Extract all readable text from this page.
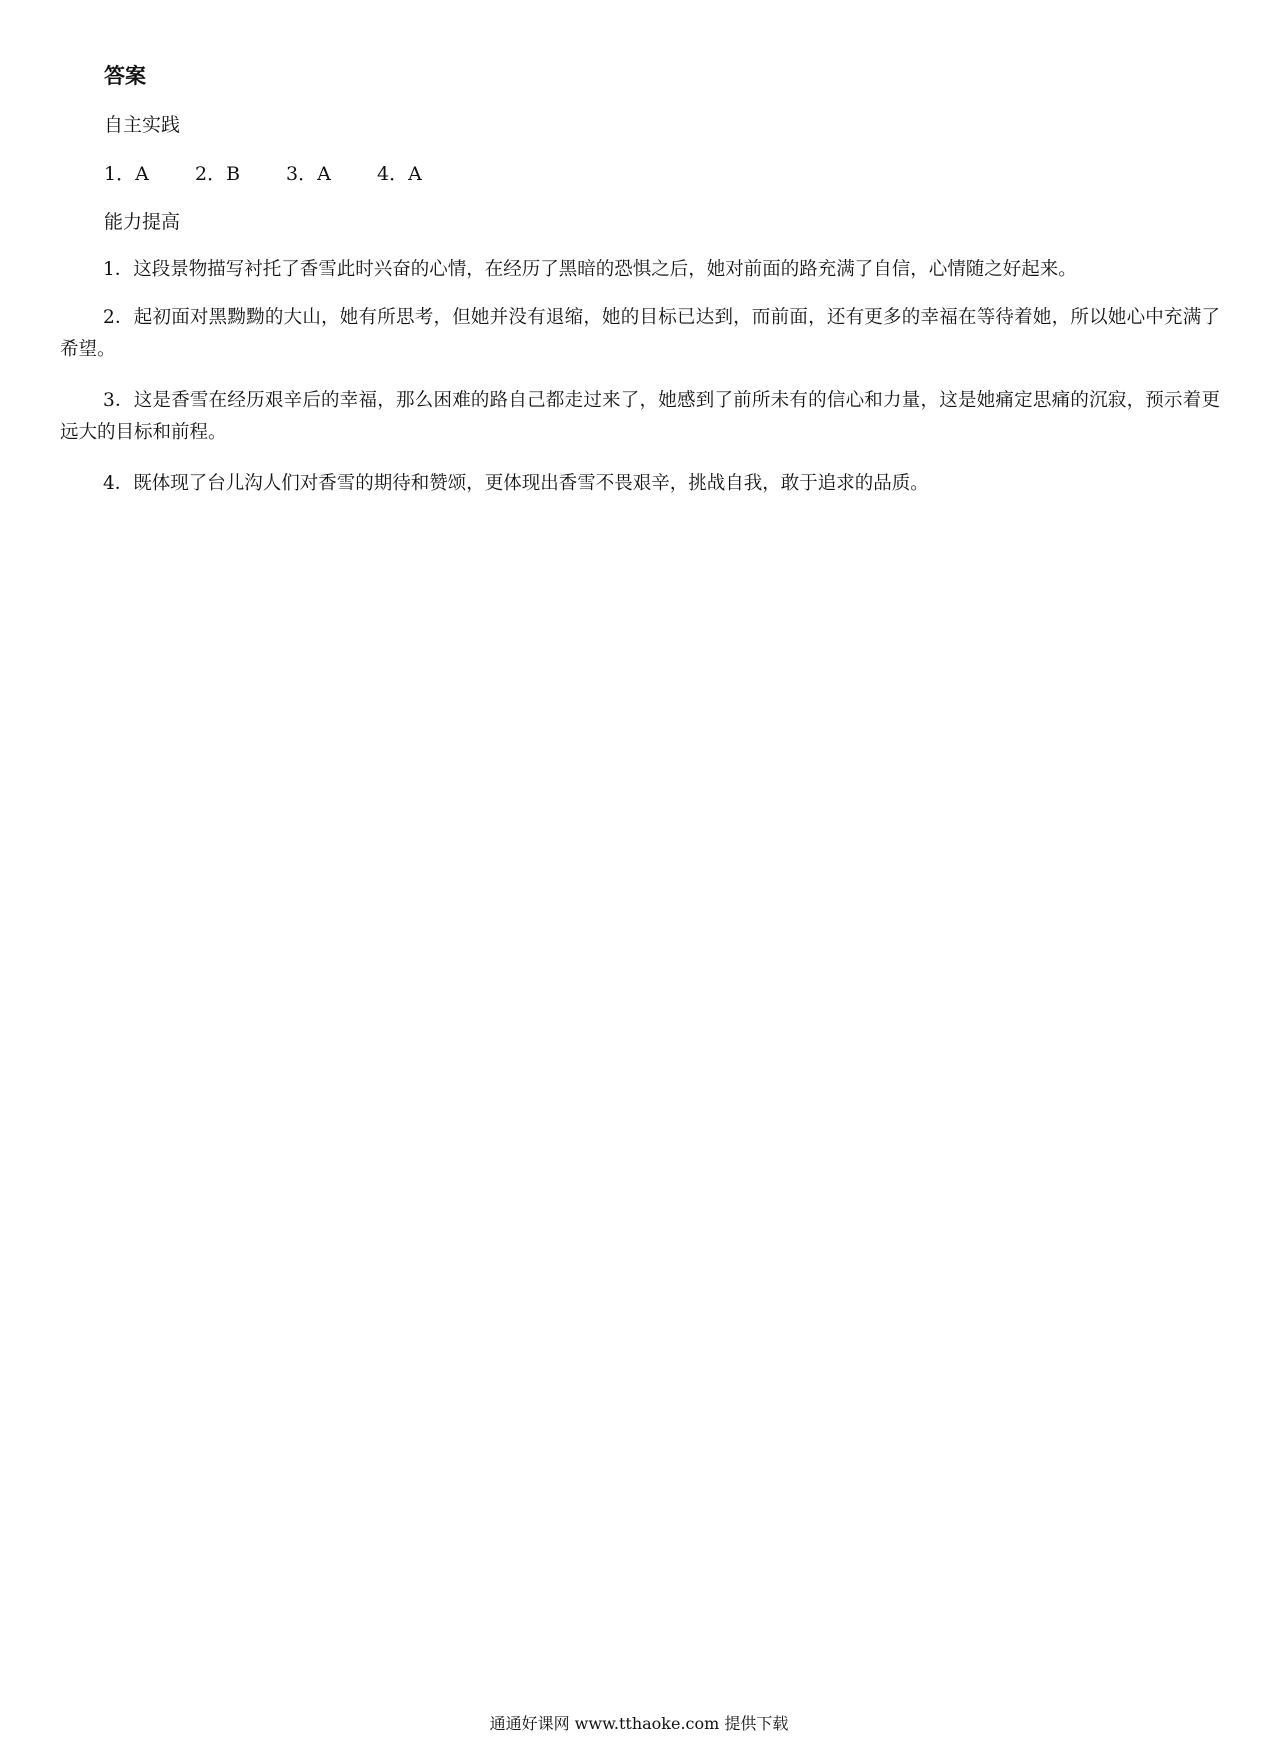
答案
自主实践
1．A	2．B	3．A	4．A
能力提高
1．这段景物描写衬托了香雪此时兴奋的心情，在经历了黑暗的恐惧之后，她对前面的路充满了自信，心情随之好起来。
2．起初面对黑黝黝的大山，她有所思考，但她并没有退缩，她的目标已达到，而前面，还有更多的幸福在等待着她，所以她心中充满了希望。
3．这是香雪在经历艰辛后的幸福，那么困难的路自己都走过来了，她感到了前所未有的信心和力量，这是她痛定思痛的沉寂，预示着更远大的目标和前程。
4．既体现了台儿沟人们对香雪的期待和赞颂，更体现出香雪不畏艰辛，挑战自我，敢于追求的品质。
通通好课网 www.tthaoke.com 提供下载
